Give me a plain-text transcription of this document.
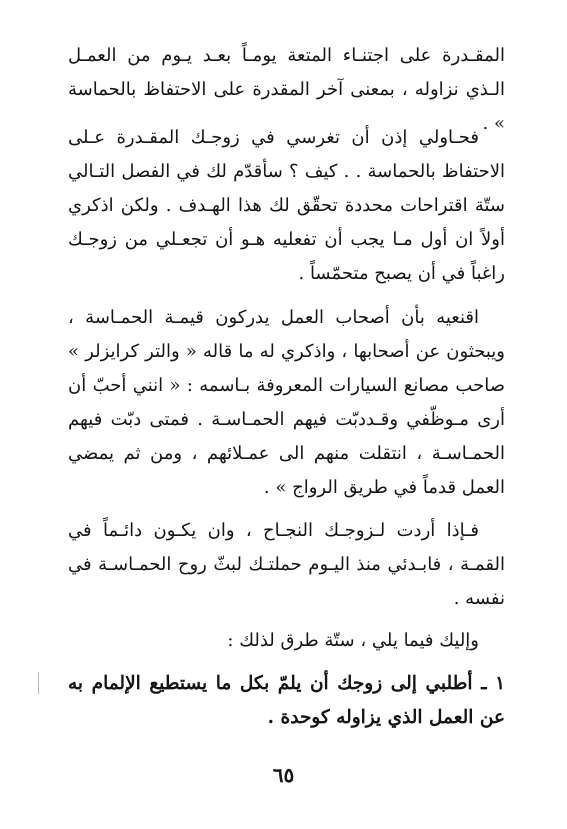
المقـدرة على اجتنـاء المتعة يومـاً بعـد يـوم من العمـل الـذي نزاوله ، بمعنى آخر المقدرة على الاحتفاظ بالحماسة » .

فحـاولي إذن أن تغرسي في زوجـك المقـدرة عـلى الاحتفاظ بالحماسة . . كيف ؟ سأقدّم لك في الفصل التـالي ستّة اقتراحات محددة تحقّق لك هذا الهـدف . ولكن اذكري أولاً ان أول مـا يجب أن تفعليه هـو أن تجعـلي من زوجـك راغباً في أن يصبح متحمّساً .

اقنعيه بأن أصحاب العمل يدركون قيمـة الحمـاسة ، ويبحثون عن أصحابها ، واذكري له ما قاله « والتر كرايزلر » صاحب مصانع السيارات المعروفة بـاسمه : « انني أحبّ أن أرى مـوظّفي وقـددبّت فيهم الحمـاسـة . فمتى دبّت فيهم الحمـاسـة ، انتقلت منهم الى عمـلائهم ، ومن ثم يمضي العمل قدماً في طريق الرواج » .

فـإذا أردت لـزوجـك النجـاح ، وان يكـون دائـماً في القمـة ، فابـدئي منذ اليـوم حملتـك لبثّ روح الحمـاسـة في نفسه .

وإليك فيما يلي ، ستّة طرق لذلك :

١ ـ أطلبي إلى زوجك أن يلمّ بكل ما يستطيع الإلمام به عن العمل الذي يزاوله كوحدة .

٦٥
